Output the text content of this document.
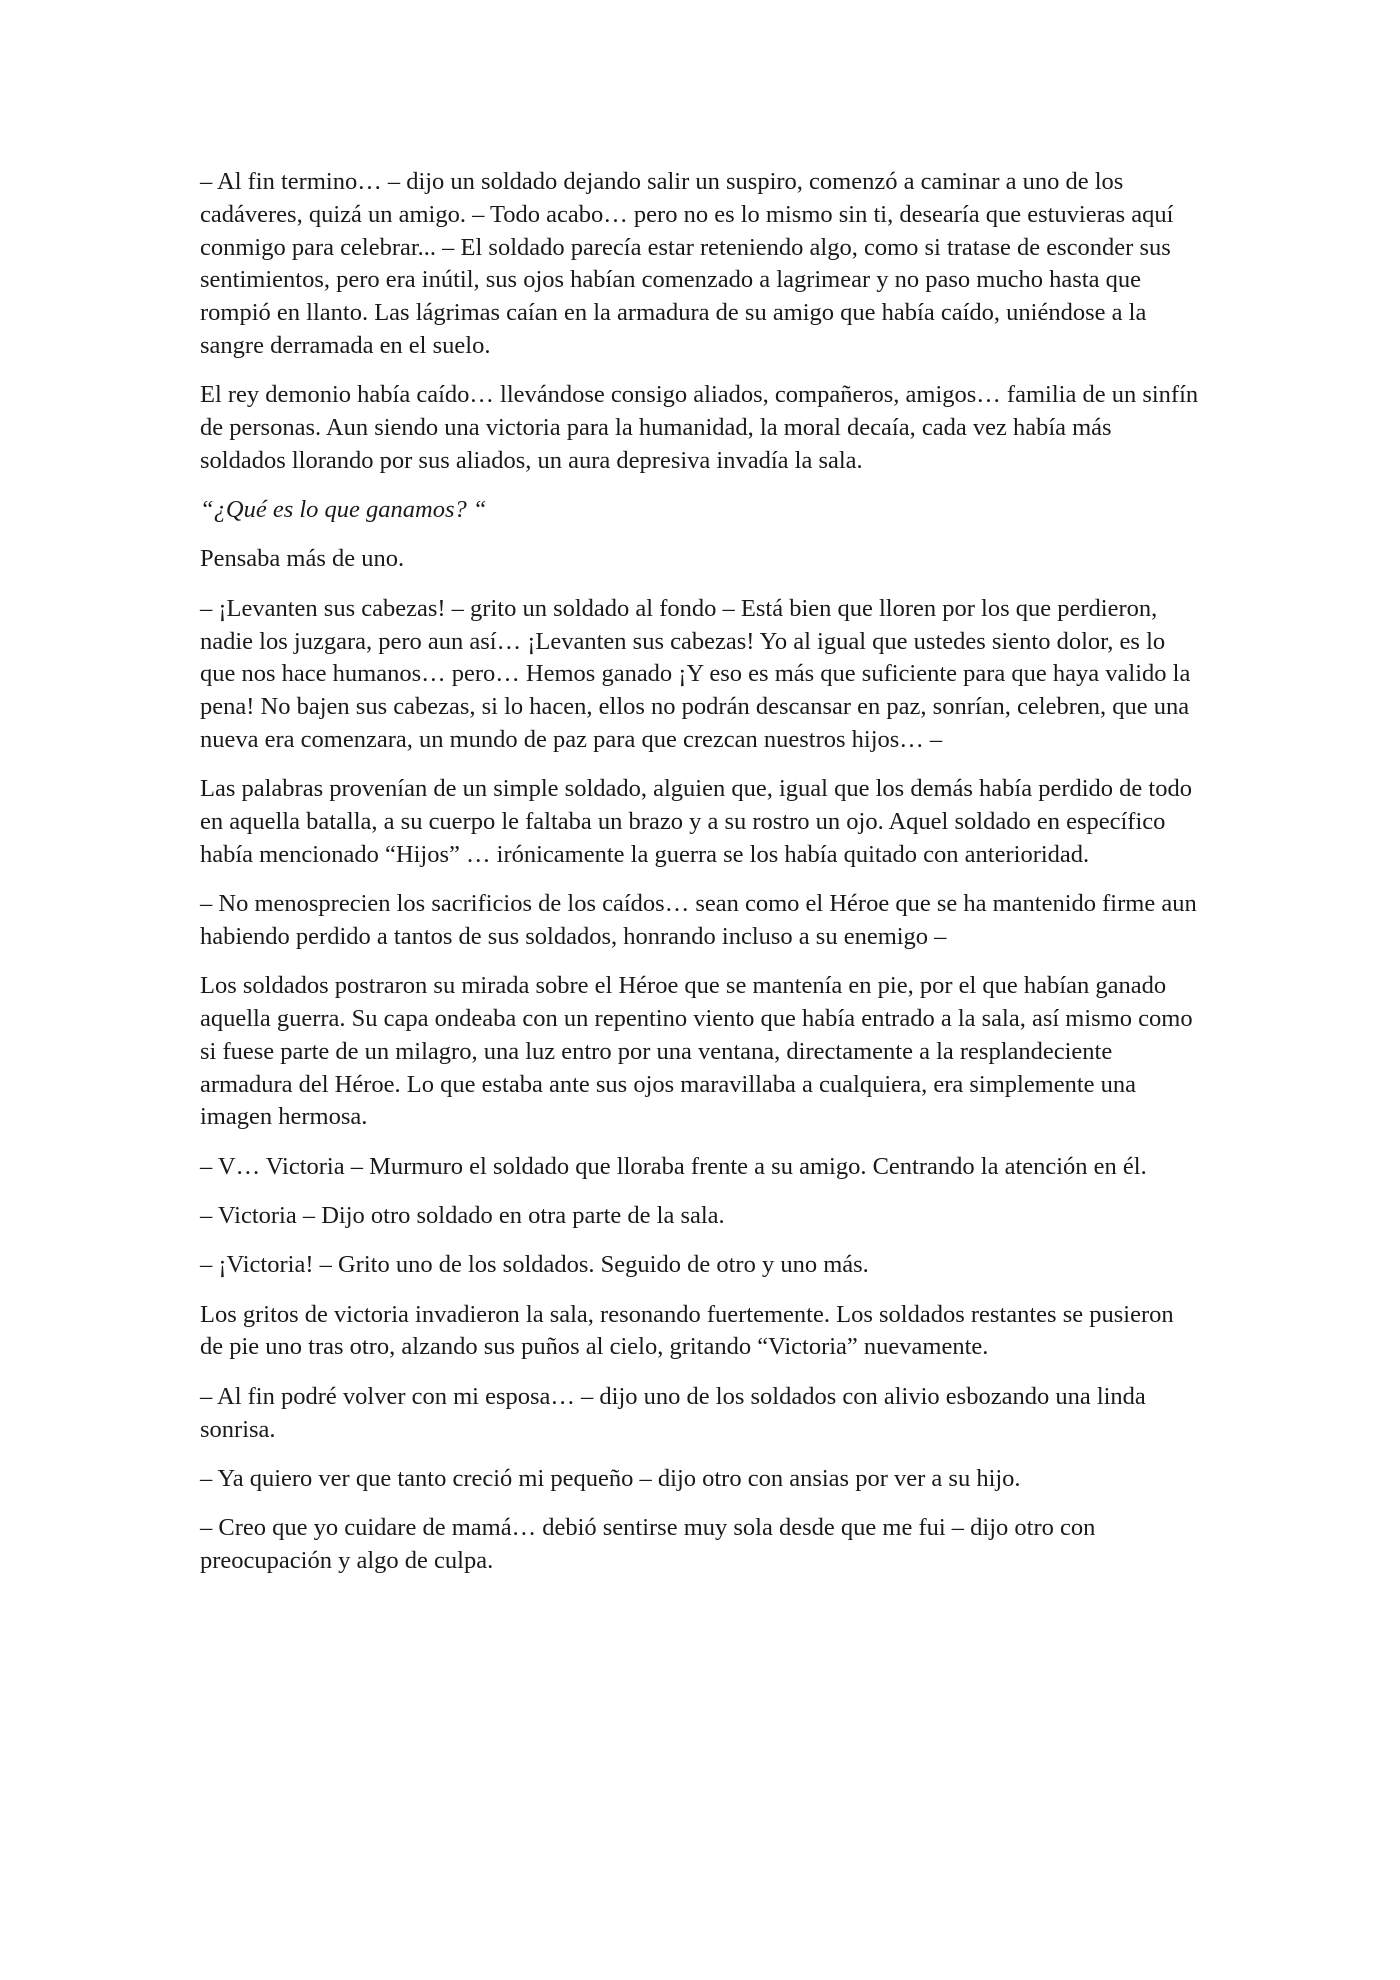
– Al fin termino… – dijo un soldado dejando salir un suspiro, comenzó a caminar a uno de los cadáveres, quizá un amigo. – Todo acabo… pero no es lo mismo sin ti, desearía que estuvieras aquí conmigo para celebrar... – El soldado parecía estar reteniendo algo, como si tratase de esconder sus sentimientos, pero era inútil, sus ojos habían comenzado a lagrimear y no paso mucho hasta que rompió en llanto. Las lágrimas caían en la armadura de su amigo que había caído, uniéndose a la sangre derramada en el suelo.

El rey demonio había caído… llevándose consigo aliados, compañeros, amigos… familia de un sinfín de personas. Aun siendo una victoria para la humanidad, la moral decaía, cada vez había más soldados llorando por sus aliados, un aura depresiva invadía la sala.

“¿Qué es lo que ganamos? “

Pensaba más de uno.

– ¡Levanten sus cabezas! – grito un soldado al fondo – Está bien que lloren por los que perdieron, nadie los juzgara, pero aun así… ¡Levanten sus cabezas! Yo al igual que ustedes siento dolor, es lo que nos hace humanos… pero… Hemos ganado ¡Y eso es más que suficiente para que haya valido la pena! No bajen sus cabezas, si lo hacen, ellos no podrán descansar en paz, sonrían, celebren, que una nueva era comenzara, un mundo de paz para que crezcan nuestros hijos… –

Las palabras provenían de un simple soldado, alguien que, igual que los demás había perdido de todo en aquella batalla, a su cuerpo le faltaba un brazo y a su rostro un ojo. Aquel soldado en específico había mencionado “Hijos” … irónicamente la guerra se los había quitado con anterioridad.

– No menosprecien los sacrificios de los caídos… sean como el Héroe que se ha mantenido firme aun habiendo perdido a tantos de sus soldados, honrando incluso a su enemigo –

Los soldados postraron su mirada sobre el Héroe que se mantenía en pie, por el que habían ganado aquella guerra. Su capa ondeaba con un repentino viento que había entrado a la sala, así mismo como si fuese parte de un milagro, una luz entro por una ventana, directamente a la resplandeciente armadura del Héroe. Lo que estaba ante sus ojos maravillaba a cualquiera, era simplemente una imagen hermosa.

– V… Victoria – Murmuro el soldado que lloraba frente a su amigo. Centrando la atención en él.

– Victoria – Dijo otro soldado en otra parte de la sala.

– ¡Victoria! – Grito uno de los soldados. Seguido de otro y uno más.

Los gritos de victoria invadieron la sala, resonando fuertemente. Los soldados restantes se pusieron de pie uno tras otro, alzando sus puños al cielo, gritando “Victoria” nuevamente.

– Al fin podré volver con mi esposa… – dijo uno de los soldados con alivio esbozando una linda sonrisa.

– Ya quiero ver que tanto creció mi pequeño – dijo otro con ansias por ver a su hijo.

– Creo que yo cuidare de mamá… debió sentirse muy sola desde que me fui – dijo otro con preocupación y algo de culpa.
